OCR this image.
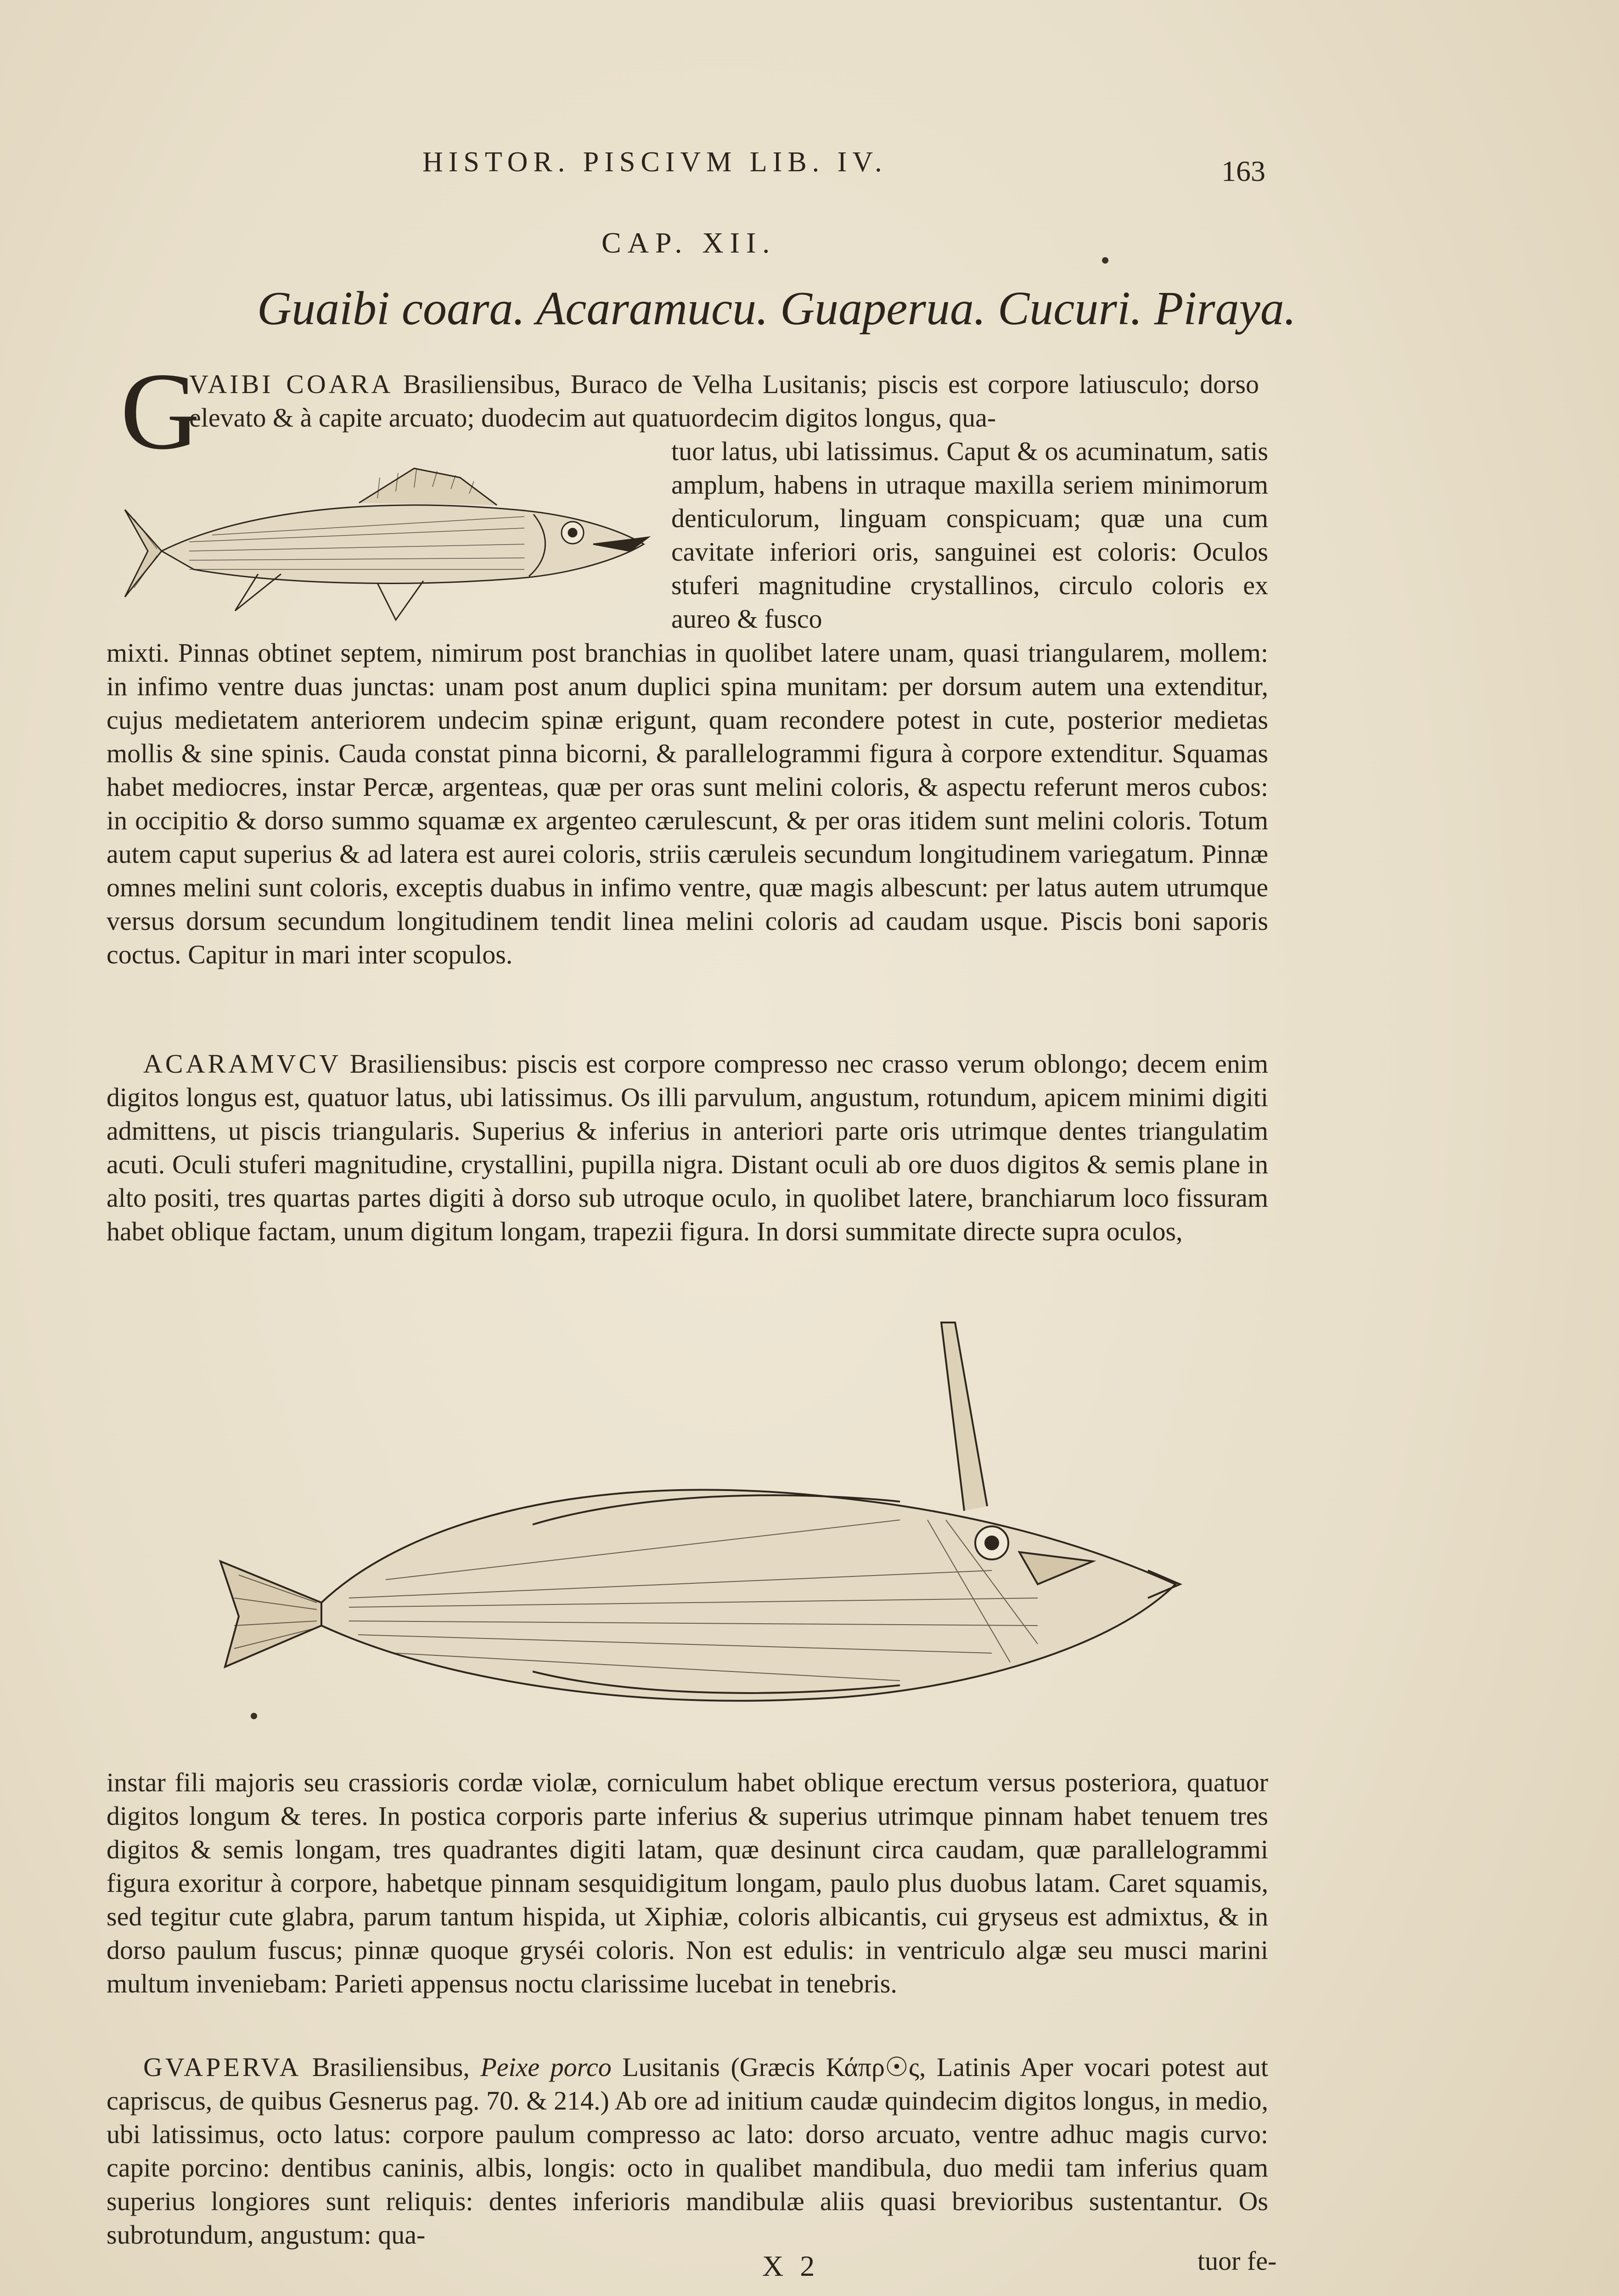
HISTOR. PISCIVM LIB. IV.	163
CAP. XII.
Guaibi coara. Acaramucu. Guaperua. Cucuri. Piraya.
G

VAIBI COARA Brasiliensibus, Buraco de Velha Lusitanis; piscis est corpore latiusculo; dorso elevato & à capite arcuato; duodecim aut quatuordecim digitos longus, qua-

tuor latus, ubi latissimus. Caput & os acuminatum, satis amplum, habens in utraque maxilla seriem minimorum denticulorum, linguam conspicuam; quæ una cum cavitate inferiori oris, sanguinei est coloris: Oculos stuferi magnitudine crystallinos, circulo coloris ex aureo & fusco

mixti. Pinnas obtinet septem, nimirum post branchias in quolibet latere unam, quasi triangularem, mollem: in infimo ventre duas junctas: unam post anum duplici spina munitam: per dorsum autem una extenditur, cujus medietatem anteriorem undecim spinæ erigunt, quam recondere potest in cute, posterior medietas mollis & sine spinis. Cauda constat pinna bicorni, & parallelogrammi figura à corpore extenditur. Squamas habet mediocres, instar Percæ, argenteas, quæ per oras sunt melini coloris, & aspectu referunt meros cubos: in occipitio & dorso summo squamæ ex argenteo cærulescunt, & per oras itidem sunt melini coloris. Totum autem caput superius & ad latera est aurei coloris, striis cæruleis secundum longitudinem variegatum. Pinnæ omnes melini sunt coloris, exceptis duabus in infimo ventre, quæ magis albescunt: per latus autem utrumque versus dorsum secundum longitudinem tendit linea melini coloris ad caudam usque. Piscis boni saporis coctus. Capitur in mari inter scopulos.

ACARAMVCV Brasiliensibus: piscis est corpore compresso nec crasso verum oblongo; decem enim digitos longus est, quatuor latus, ubi latissimus. Os illi parvulum, angustum, rotundum, apicem minimi digiti admittens, ut piscis triangularis. Superius & inferius in anteriori parte oris utrimque dentes triangulatim acuti. Oculi stuferi magnitudine, crystallini, pupilla nigra. Distant oculi ab ore duos digitos & semis plane in alto positi, tres quartas partes digiti à dorso sub utroque oculo, in quolibet latere, branchiarum loco fissuram habet oblique factam, unum digitum longam, trapezii figura. In dorsi summitate directe supra oculos,

instar fili majoris seu crassioris cordæ violæ, corniculum habet oblique erectum versus posteriora, quatuor digitos longum & teres. In postica corporis parte inferius & superius utrimque pinnam habet tenuem tres digitos & semis longam, tres quadrantes digiti latam, quæ desinunt circa caudam, quæ parallelogrammi figura exoritur à corpore, habetque pinnam sesquidigitum longam, paulo plus duobus latam. Caret squamis, sed tegitur cute glabra, parum tantum hispida, ut Xiphiæ, coloris albicantis, cui gryseus est admixtus, & in dorso paulum fuscus; pinnæ quoque gryséi coloris. Non est edulis: in ventriculo algæ seu musci marini multum inveniebam: Parieti appensus noctu clarissime lucebat in tenebris.

GVAPERVA Brasiliensibus, Peixe porco Lusitanis (Græcis Κάπρ☉ς, Latinis Aper vocari potest aut capriscus, de quibus Gesnerus pag. 70. & 214.) Ab ore ad initium caudæ quindecim digitos longus, in medio, ubi latissimus, octo latus: corpore paulum compresso ac lato: dorso arcuato, ventre adhuc magis curvo: capite porcino: dentibus caninis, albis, longis: octo in qualibet mandibula, duo medii tam inferius quam superius longiores sunt reliquis: dentes inferioris mandibulæ aliis quasi brevioribus sustentantur. Os subrotundum, angustum: qua-

X 2	tuor fe-
